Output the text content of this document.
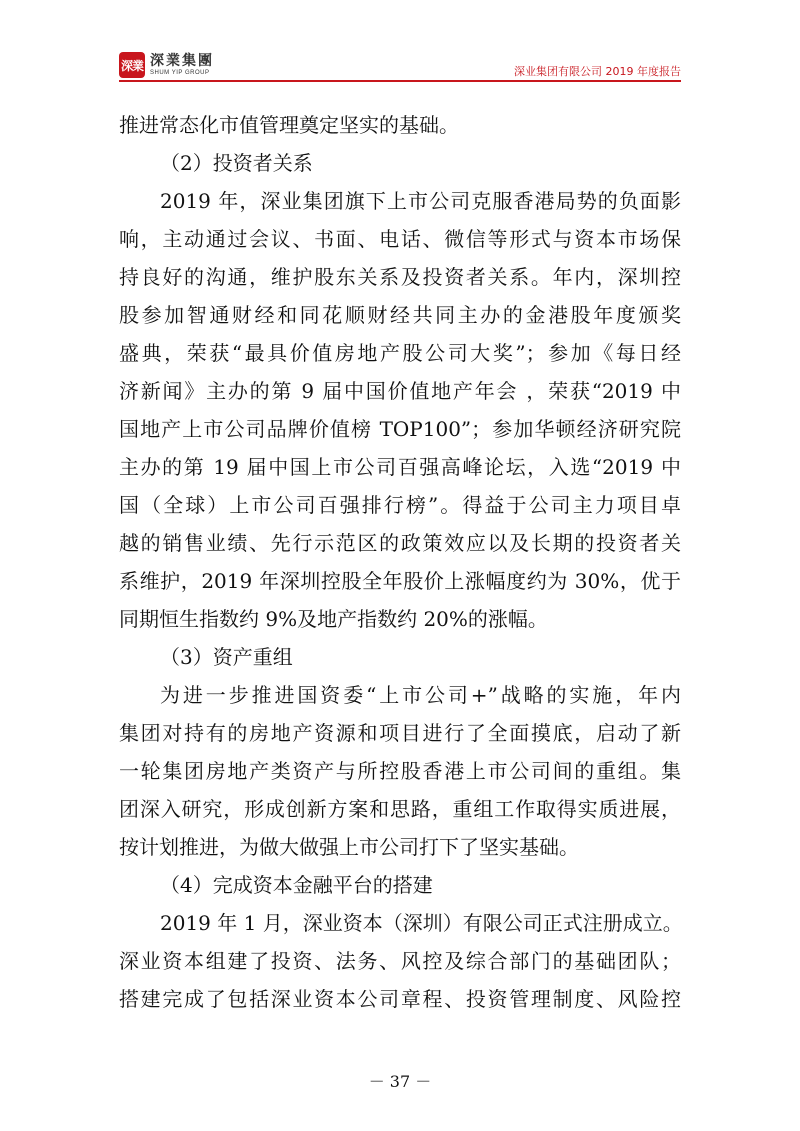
深業 深業集團
SHUM YIP GROUP	深业集团有限公司 2019 年度报告
推进常态化市值管理奠定坚实的基础。
（2）投资者关系
2019 年，深业集团旗下上市公司克服香港局势的负面影
响，主动通过会议、书面、电话、微信等形式与资本市场保
持良好的沟通，维护股东关系及投资者关系。年内，深圳控
股参加智通财经和同花顺财经共同主办的金港股年度颁奖
盛典，荣获“最具价值房地产股公司大奖”；参加《每日经
济新闻》主办的第 9 届中国价值地产年会 ，荣获“2019 中
国地产上市公司品牌价值榜 TOP100”；参加华顿经济研究院
主办的第 19 届中国上市公司百强高峰论坛，入选“2019 中
国（全球）上市公司百强排行榜”。得益于公司主力项目卓
越的销售业绩、先行示范区的政策效应以及长期的投资者关
系维护，2019 年深圳控股全年股价上涨幅度约为 30%，优于
同期恒生指数约 9%及地产指数约 20%的涨幅。
（3）资产重组
为进一步推进国资委“上市公司+”战略的实施，年内
集团对持有的房地产资源和项目进行了全面摸底，启动了新
一轮集团房地产类资产与所控股香港上市公司间的重组。集
团深入研究，形成创新方案和思路，重组工作取得实质进展，
按计划推进，为做大做强上市公司打下了坚实基础。
（4）完成资本金融平台的搭建
2019 年 1 月，深业资本（深圳）有限公司正式注册成立。
深业资本组建了投资、法务、风控及综合部门的基础团队；
搭建完成了包括深业资本公司章程、投资管理制度、风险控
－ 37 －
